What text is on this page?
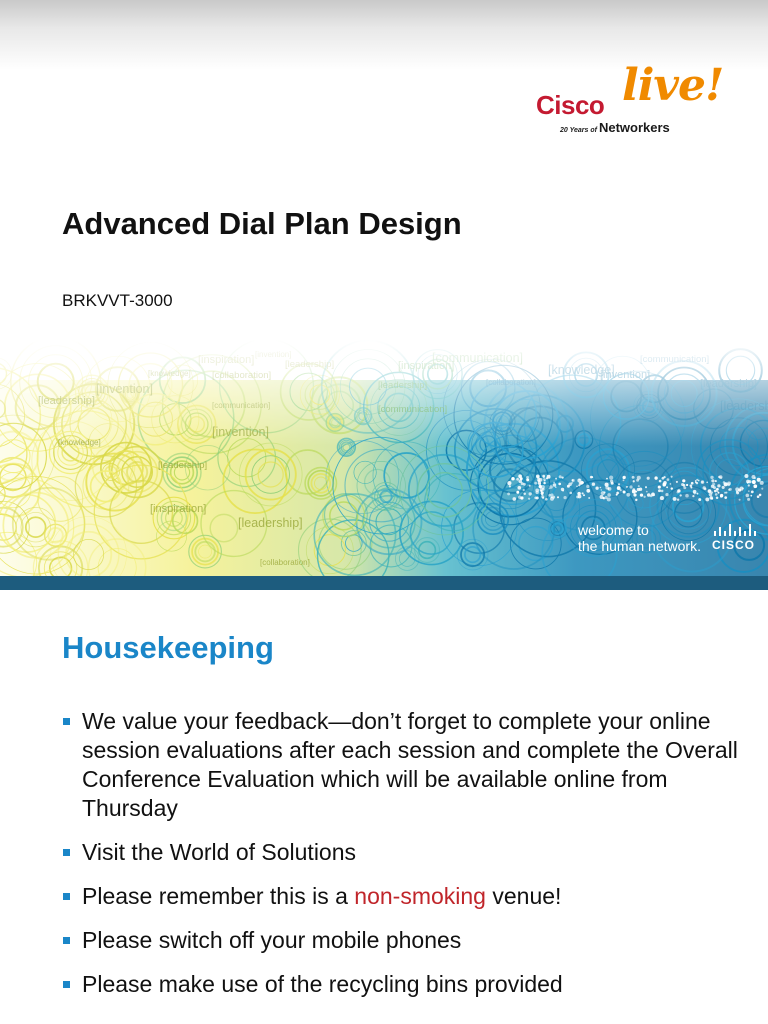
Cisco live!
20 Years of Networkers
Advanced Dial Plan Design
BRKVVT-3000
welcome to
the human network. CISCO
Housekeeping
We value your feedback—don’t forget to complete your online session evaluations after each session and complete the Overall Conference Evaluation which will be available online from Thursday
Visit the World of Solutions
Please remember this is a non-smoking venue!
Please switch off your mobile phones
Please make use of the recycling bins provided
